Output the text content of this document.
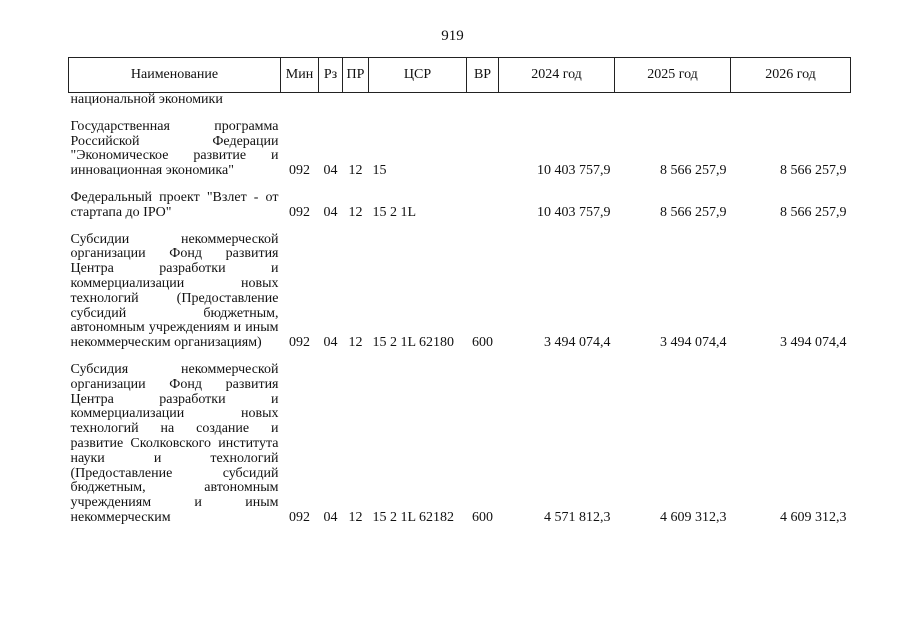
919
Наименование	Мин	Рз	ПР	ЦСР	ВР	2024 год	2025 год	2026 год
национальной экономики								

Государственная программа Российской Федерации "Экономическое развитие и инновационная экономика"	092	04	12	15		10 403 757,9	8 566 257,9	8 566 257,9

Федеральный проект "Взлет - от стартапа до IPO"	092	04	12	15 2 1L		10 403 757,9	8 566 257,9	8 566 257,9

Субсидии некоммерческой организации Фонд развития Центра разработки и коммерциализации новых технологий (Предоставление субсидий бюджетным, автономным учреждениям и иным некоммерческим организациям)	092	04	12	15 2 1L 62180	600	3 494 074,4	3 494 074,4	3 494 074,4

Субсидия некоммерческой организации Фонд развития Центра разработки и коммерциализации новых технологий на создание и развитие Сколковского института науки и технологий (Предоставление субсидий бюджетным, автономным учреждениям и иным некоммерческим	092	04	12	15 2 1L 62182	600	4 571 812,3	4 609 312,3	4 609 312,3
